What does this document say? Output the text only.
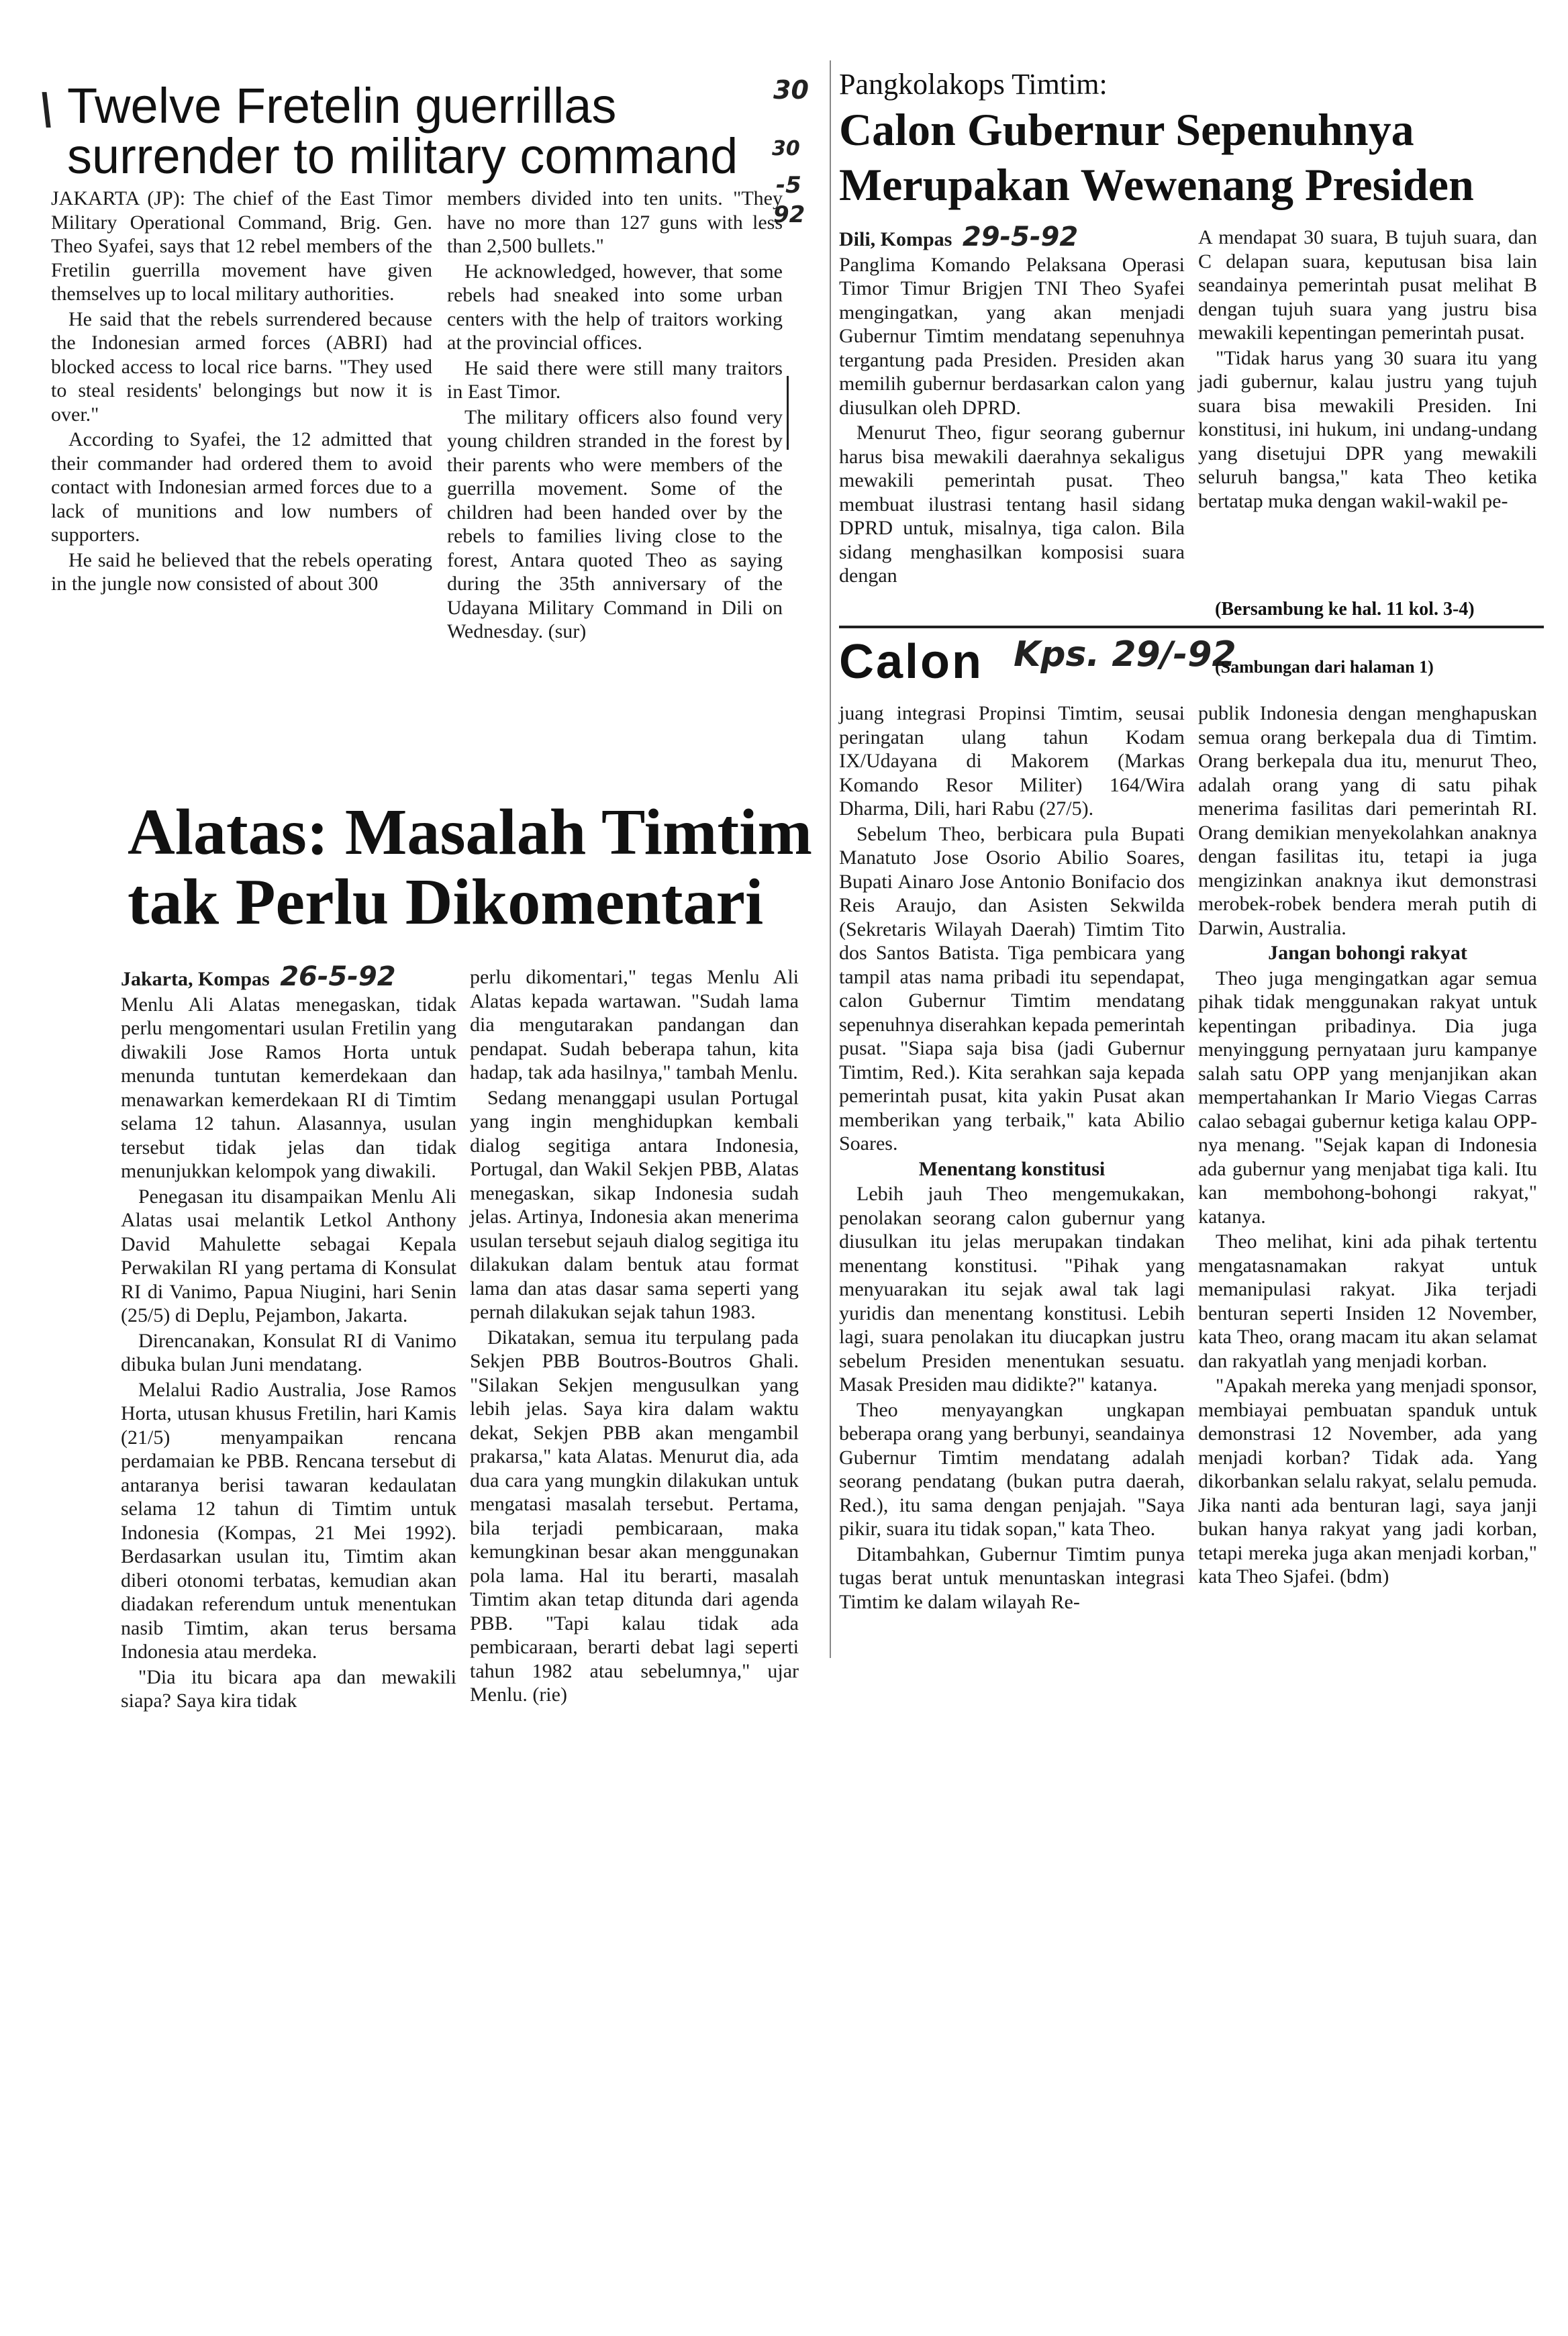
\ Twelve Fretelin guerrillas surrender to military command
30
30
-5
92

JAKARTA (JP): The chief of the East Timor Military Operational Command, Brig. Gen. Theo Syafei, says that 12 rebel members of the Fretilin guerrilla movement have given themselves up to local military authorities.

He said that the rebels surrendered because the Indonesian armed forces (ABRI) had blocked access to local rice barns. "They used to steal residents' belongings but now it is over."

According to Syafei, the 12 admitted that their commander had ordered them to avoid contact with Indonesian armed forces due to a lack of munitions and low numbers of supporters.

He said he believed that the rebels operating in the jungle now consisted of about 300

members divided into ten units. "They have no more than 127 guns with less than 2,500 bullets."

He acknowledged, however, that some rebels had sneaked into some urban centers with the help of traitors working at the provincial offices.

He said there were still many traitors in East Timor.

The military officers also found very young children stranded in the forest by their parents who were members of the guerrilla movement. Some of the children had been handed over by the rebels to families living close to the forest, Antara quoted Theo as saying during the 35th anniversary of the Udayana Military Command in Dili on Wednesday. (sur)

Alatas: Masalah Timtim
tak Perlu Dikomentari

Jakarta, Kompas 26-5-92

Menlu Ali Alatas menegaskan, tidak perlu mengomentari usulan Fretilin yang diwakili Jose Ramos Horta untuk menunda tuntutan kemerdekaan dan menawarkan kemerdekaan RI di Timtim selama 12 tahun. Alasannya, usulan tersebut tidak jelas dan tidak menunjukkan kelompok yang diwakili.

Penegasan itu disampaikan Menlu Ali Alatas usai melantik Letkol Anthony David Mahulette sebagai Kepala Perwakilan RI yang pertama di Konsulat RI di Vanimo, Papua Niugini, hari Senin (25/5) di Deplu, Pejambon, Jakarta.

Direncanakan, Konsulat RI di Vanimo dibuka bulan Juni mendatang.

Melalui Radio Australia, Jose Ramos Horta, utusan khusus Fretilin, hari Kamis (21/5) menyampaikan rencana perdamaian ke PBB. Rencana tersebut di antaranya berisi tawaran kedaulatan selama 12 tahun di Timtim untuk Indonesia (Kompas, 21 Mei 1992). Berdasarkan usulan itu, Timtim akan diberi otonomi terbatas, kemudian akan diadakan referendum untuk menentukan nasib Timtim, akan terus bersama Indonesia atau merdeka.

"Dia itu bicara apa dan mewakili siapa? Saya kira tidak

perlu dikomentari," tegas Menlu Ali Alatas kepada wartawan. "Sudah lama dia mengutarakan pandangan dan pendapat. Sudah beberapa tahun, kita hadap, tak ada hasilnya," tambah Menlu.

Sedang menanggapi usulan Portugal yang ingin menghidupkan kembali dialog segitiga antara Indonesia, Portugal, dan Wakil Sekjen PBB, Alatas menegaskan, sikap Indonesia sudah jelas. Artinya, Indonesia akan menerima usulan tersebut sejauh dialog segitiga itu dilakukan dalam bentuk atau format lama dan atas dasar sama seperti yang pernah dilakukan sejak tahun 1983.

Dikatakan, semua itu terpulang pada Sekjen PBB Boutros-Boutros Ghali. "Silakan Sekjen mengusulkan yang lebih jelas. Saya kira dalam waktu dekat, Sekjen PBB akan mengambil prakarsa," kata Alatas. Menurut dia, ada dua cara yang mungkin dilakukan untuk mengatasi masalah tersebut. Pertama, bila terjadi pembicaraan, maka kemungkinan besar akan menggunakan pola lama. Hal itu berarti, masalah Timtim akan tetap ditunda dari agenda PBB. "Tapi kalau tidak ada pembicaraan, berarti debat lagi seperti tahun 1982 atau sebelumnya," ujar Menlu. (rie)

Pangkolakops Timtim:

Calon Gubernur Sepenuhnya
Merupakan Wewenang Presiden

Dili, Kompas 29-5-92

Panglima Komando Pelaksana Operasi Timor Timur Brigjen TNI Theo Syafei mengingatkan, yang akan menjadi Gubernur Timtim mendatang sepenuhnya tergantung pada Presiden. Presiden akan memilih gubernur berdasarkan calon yang diusulkan oleh DPRD.

Menurut Theo, figur seorang gubernur harus bisa mewakili daerahnya sekaligus mewakili pemerintah pusat. Theo membuat ilustrasi tentang hasil sidang DPRD untuk, misalnya, tiga calon. Bila sidang menghasilkan komposisi suara dengan

A mendapat 30 suara, B tujuh suara, dan C delapan suara, keputusan bisa lain seandainya pemerintah pusat melihat B dengan tujuh suara yang justru bisa mewakili kepentingan pemerintah pusat.

"Tidak harus yang 30 suara itu yang jadi gubernur, kalau justru yang tujuh suara bisa mewakili Presiden. Ini konstitusi, ini hukum, ini undang-undang yang disetujui DPR yang mewakili seluruh bangsa," kata Theo ketika bertatap muka dengan wakil-wakil pe-

(Bersambung ke hal. 11 kol. 3-4)
Calon Kps. 29/-92
(Sambungan dari halaman 1)

juang integrasi Propinsi Timtim, seusai peringatan ulang tahun Kodam IX/Udayana di Makorem (Markas Komando Resor Militer) 164/Wira Dharma, Dili, hari Rabu (27/5).

Sebelum Theo, berbicara pula Bupati Manatuto Jose Osorio Abilio Soares, Bupati Ainaro Jose Antonio Bonifacio dos Reis Araujo, dan Asisten Sekwilda (Sekretaris Wilayah Daerah) Timtim Tito dos Santos Batista. Tiga pembicara yang tampil atas nama pribadi itu sependapat, calon Gubernur Timtim mendatang sepenuhnya diserahkan kepada pemerintah pusat. "Siapa saja bisa (jadi Gubernur Timtim, Red.). Kita serahkan saja kepada pemerintah pusat, kita yakin Pusat akan memberikan yang terbaik," kata Abilio Soares.

Menentang konstitusi

Lebih jauh Theo mengemukakan, penolakan seorang calon gubernur yang diusulkan itu jelas merupakan tindakan menentang konstitusi. "Pihak yang menyuarakan itu sejak awal tak lagi yuridis dan menentang konstitusi. Lebih lagi, suara penolakan itu diucapkan justru sebelum Presiden menentukan sesuatu. Masak Presiden mau didikte?" katanya.

Theo menyayangkan ungkapan beberapa orang yang berbunyi, seandainya Gubernur Timtim mendatang adalah seorang pendatang (bukan putra daerah, Red.), itu sama dengan penjajah. "Saya pikir, suara itu tidak sopan," kata Theo.

Ditambahkan, Gubernur Timtim punya tugas berat untuk menuntaskan integrasi Timtim ke dalam wilayah Re-

publik Indonesia dengan menghapuskan semua orang berkepala dua di Timtim. Orang berkepala dua itu, menurut Theo, adalah orang yang di satu pihak menerima fasilitas dari pemerintah RI. Orang demikian menyekolahkan anaknya dengan fasilitas itu, tetapi ia juga mengizinkan anaknya ikut demonstrasi merobek-robek bendera merah putih di Darwin, Australia.

Jangan bohongi rakyat

Theo juga mengingatkan agar semua pihak tidak menggunakan rakyat untuk kepentingan pribadinya. Dia juga menyinggung pernyataan juru kampanye salah satu OPP yang menjanjikan akan mempertahankan Ir Mario Viegas Carras calao sebagai gubernur ketiga kalau OPP-nya menang. "Sejak kapan di Indonesia ada gubernur yang menjabat tiga kali. Itu kan membohong-bohongi rakyat," katanya.

Theo melihat, kini ada pihak tertentu mengatasnamakan rakyat untuk memanipulasi rakyat. Jika terjadi benturan seperti Insiden 12 November, kata Theo, orang macam itu akan selamat dan rakyatlah yang menjadi korban.

"Apakah mereka yang menjadi sponsor, membiayai pembuatan spanduk untuk demonstrasi 12 November, ada yang menjadi korban? Tidak ada. Yang dikorbankan selalu rakyat, selalu pemuda. Jika nanti ada benturan lagi, saya janji bukan hanya rakyat yang jadi korban, tetapi mereka juga akan menjadi korban," kata Theo Sjafei. (bdm)
